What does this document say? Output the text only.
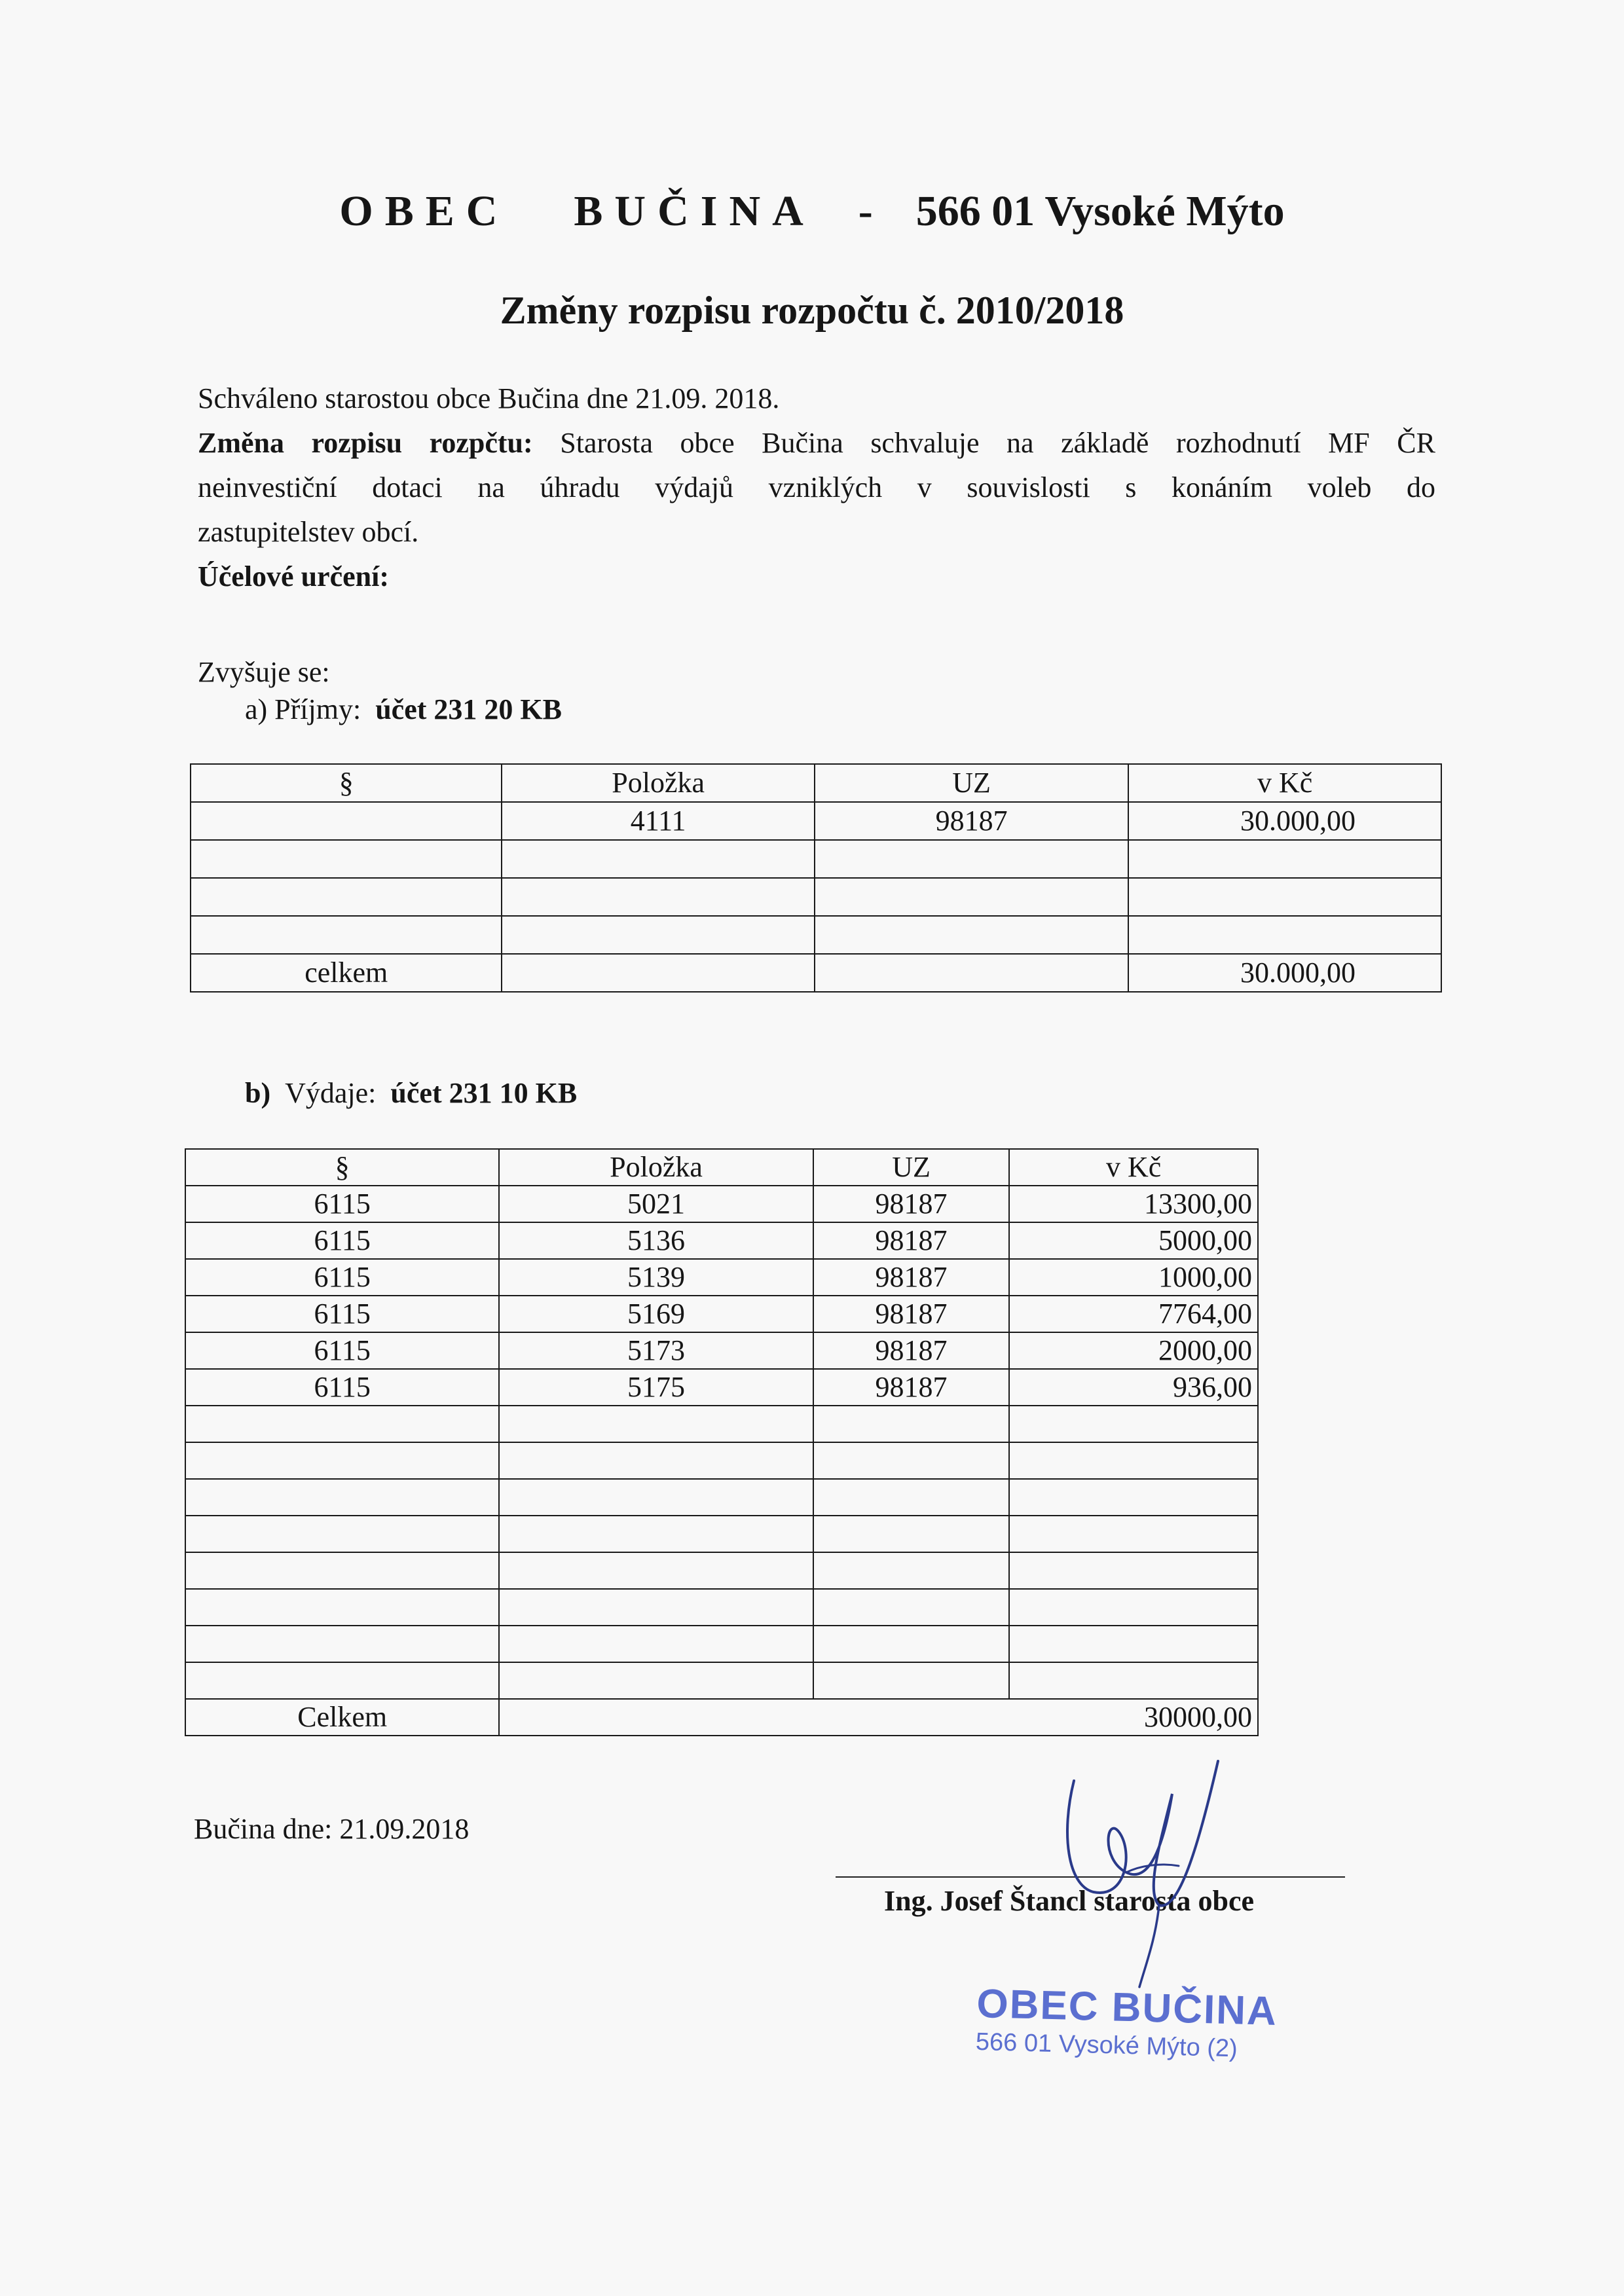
OBEC BUČINA - 566 01 Vysoké Mýto
Změny rozpisu rozpočtu č. 2010/2018
Schváleno starostou obce Bučina dne 21.09. 2018.
Změna rozpisu rozpčtu: Starosta obce Bučina schvaluje na základě rozhodnutí MF ČR
neinvestiční dotaci na úhradu výdajů vzniklých v souvislosti s konáním voleb do
zastupitelstev obcí.
Účelové určení:
Zvyšuje se:
a) Příjmy: účet 231 20 KB
§	Položka	UZ	v Kč
	4111	98187	30.000,00

celkem			30.000,00
b)  Výdaje: účet 231 10 KB
§	Položka	UZ	v Kč
6115	5021	98187	13300,00
6115	5136	98187	5000,00
6115	5139	98187	1000,00
6115	5169	98187	7764,00
6115	5173	98187	2000,00
6115	5175	98187	936,00

Celkem	30000,00		
Bučina dne: 21.09.2018
Ing. Josef Štancl starosta obce
OBEC BUČINA
566 01 Vysoké Mýto (2)
